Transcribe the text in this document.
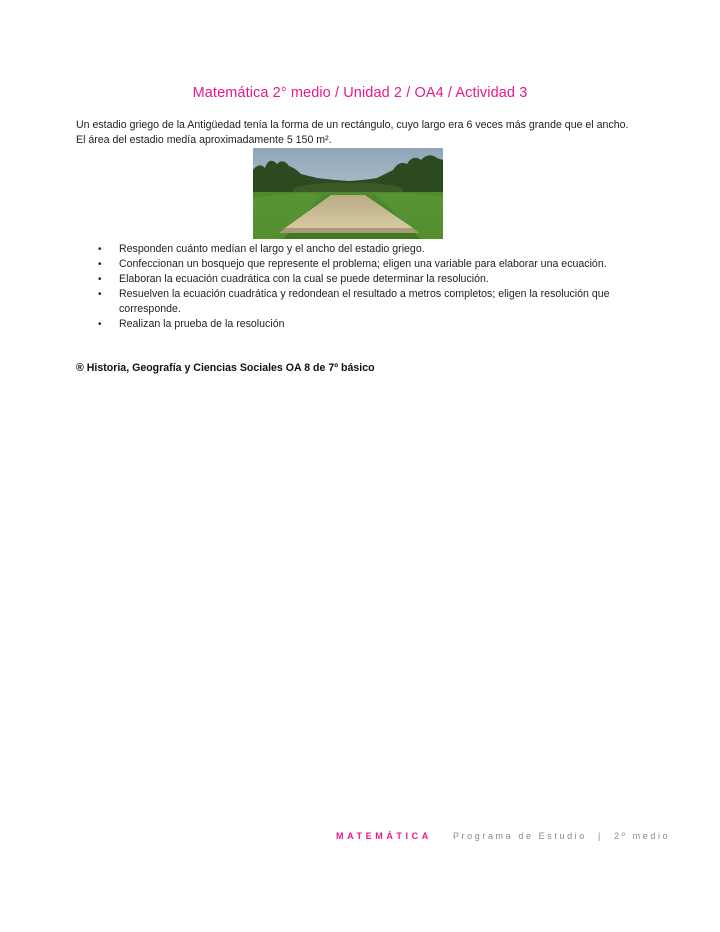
Matemática 2° medio / Unidad 2 / OA4 / Actividad 3

Un estadio griego de la Antigüedad tenía la forma de un rectángulo, cuyo largo era 6 veces más grande que el ancho. El área del estadio medía aproximadamente 5 150 m².

• Responden cuánto medían el largo y el ancho del estadio griego.
• Confeccionan un bosquejo que represente el problema; eligen una variable para elaborar una ecuación.
• Elaboran la ecuación cuadrática con la cual se puede determinar la resolución.
• Resuelven la ecuación cuadrática y redondean el resultado a metros completos; eligen la resolución que corresponde.
• Realizan la prueba de la resolución
® Historia, Geografía y Ciencias Sociales OA 8 de 7º básico
MATEMÁTICA Programa de Estudio | 2º medio
